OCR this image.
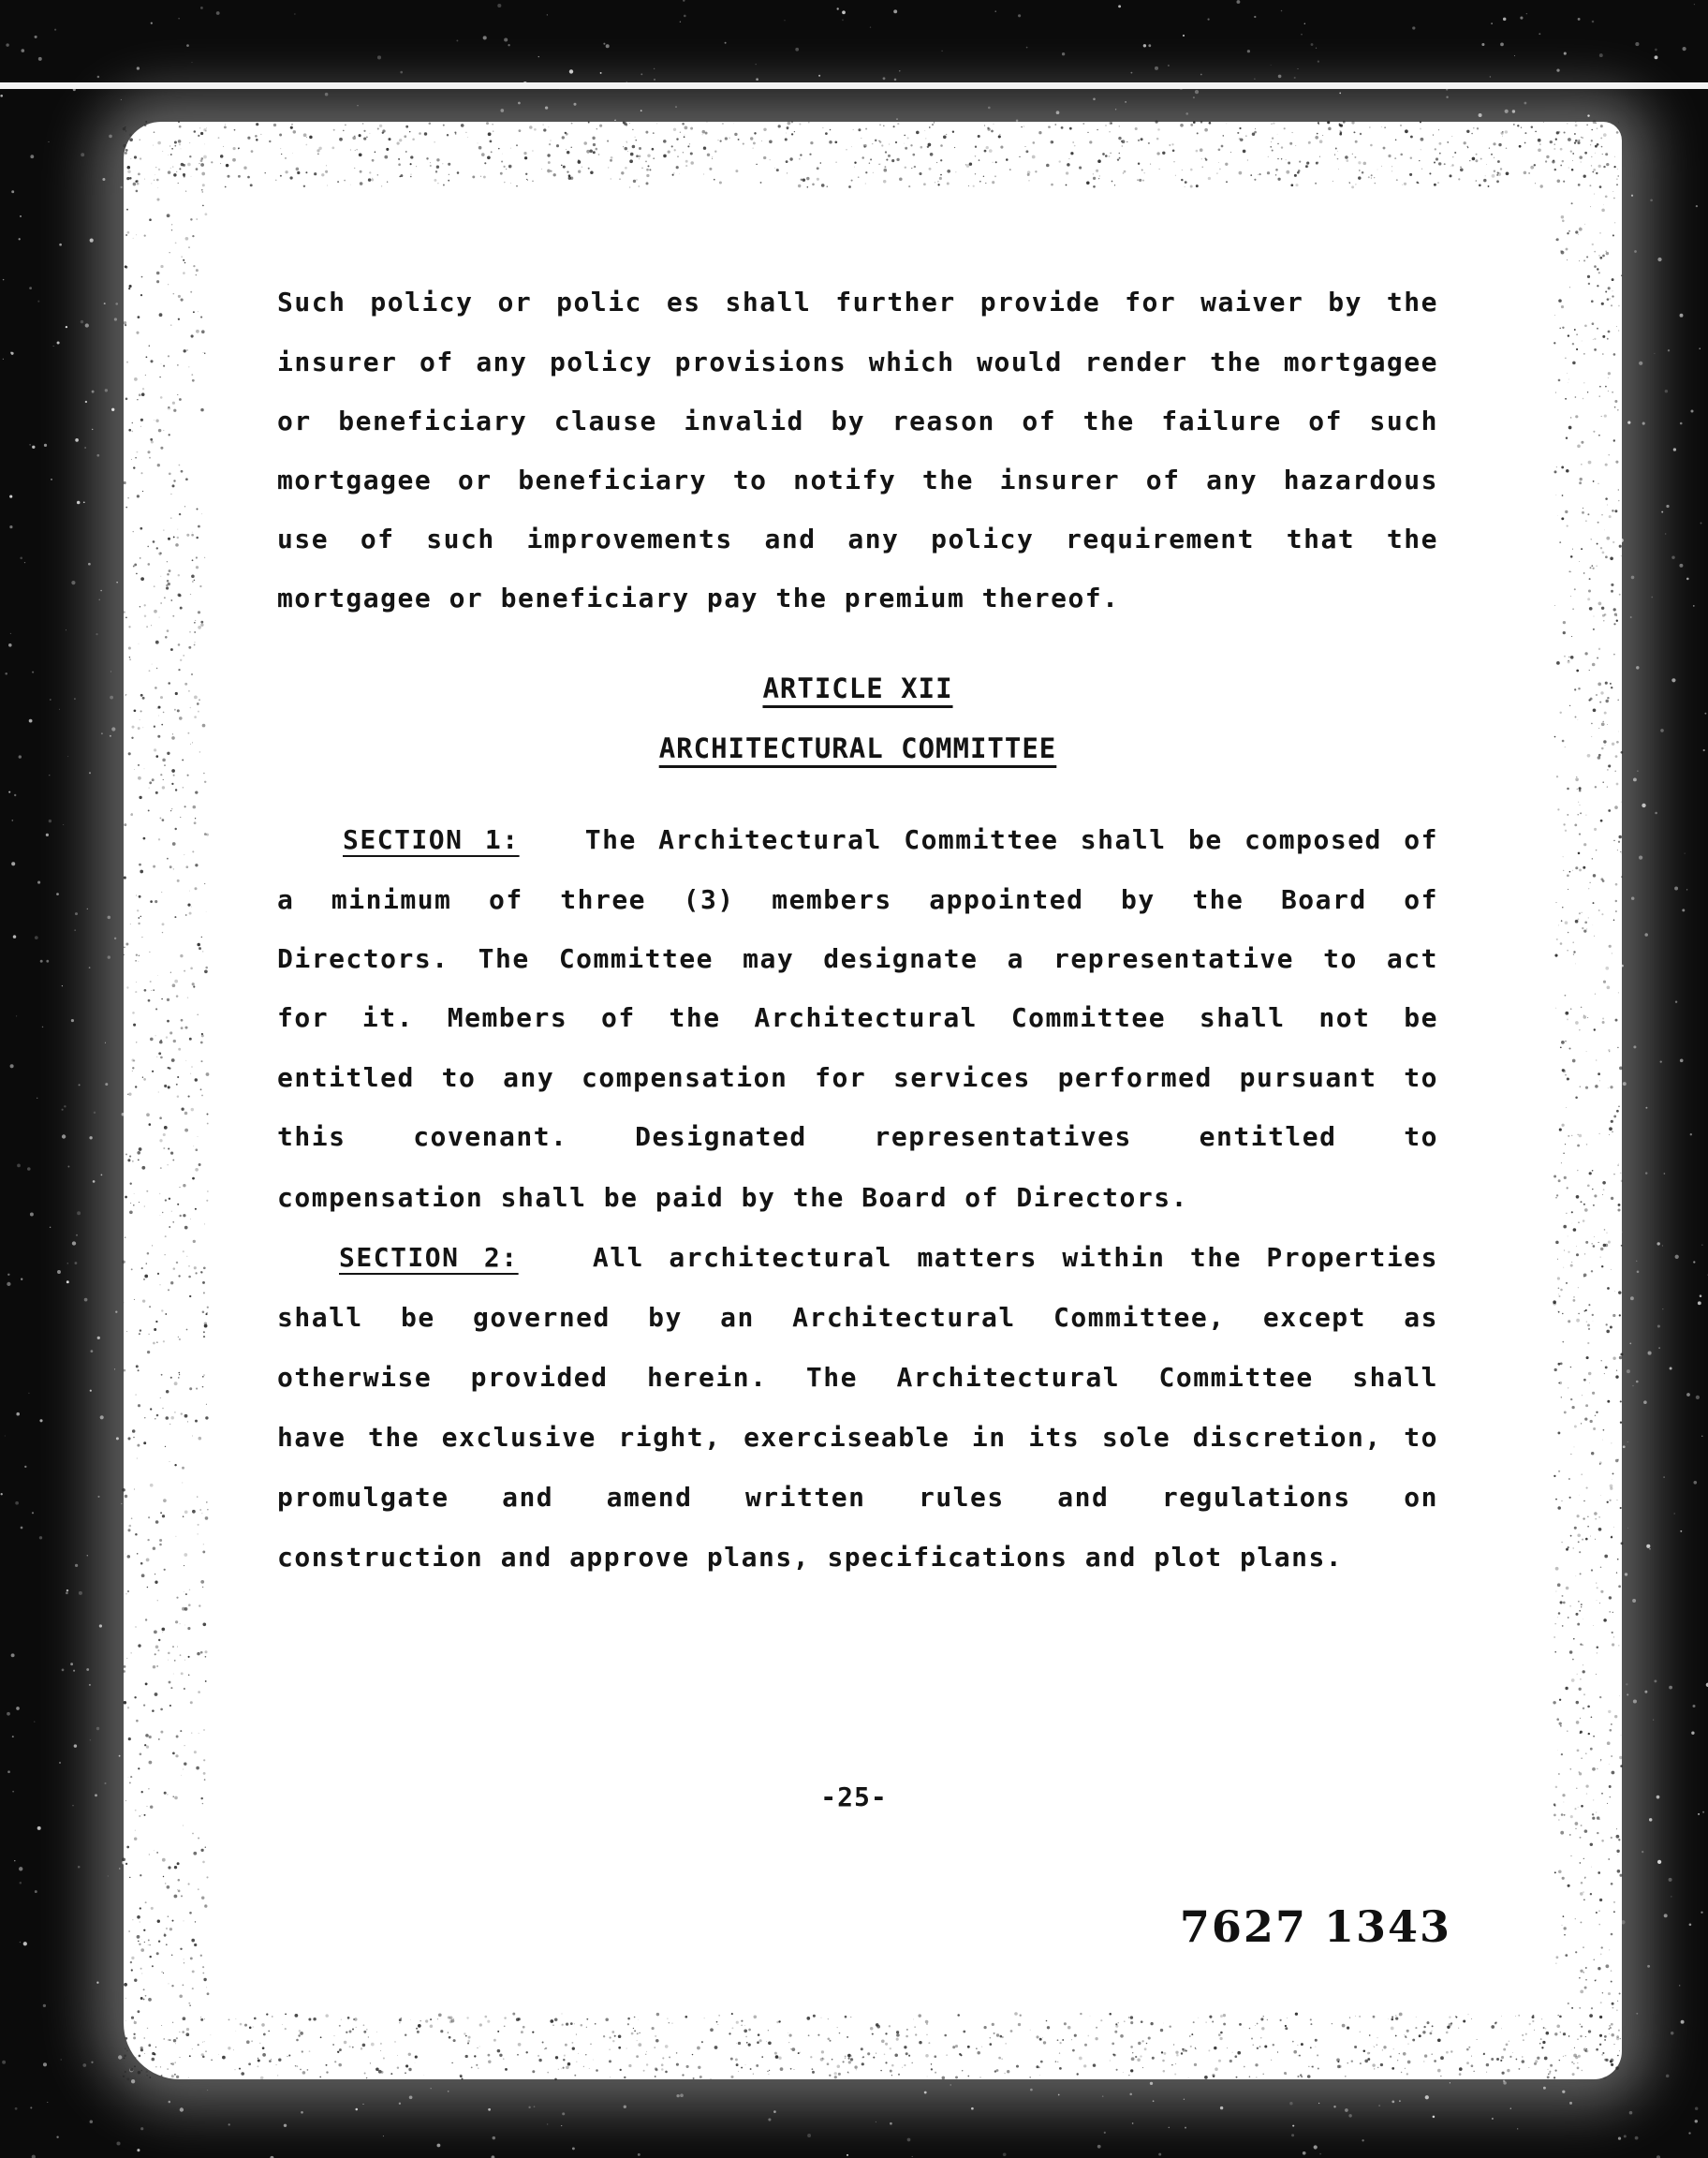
Such policy or polic es shall further provide for waiver by the
insurer of any policy provisions which would render the mortgagee
or beneficiary clause invalid by reason of the failure of such
mortgagee or beneficiary to notify the insurer of any hazardous
use of such improvements and any policy requirement that the
mortgagee or beneficiary pay the premium thereof.
ARTICLE XII
ARCHITECTURAL COMMITTEE
SECTION 1:	The Architectural Committee shall be composed of
a minimum of three (3) members appointed by the Board of
Directors. The Committee may designate a representative to act
for it. Members of the Architectural Committee shall not be
entitled to any compensation for services performed pursuant to
this covenant. Designated representatives entitled to
compensation shall be paid by the Board of Directors.
SECTION 2:	All architectural matters within the Properties
shall be governed by an Architectural Committee, except as
otherwise provided herein. The Architectural Committee shall
have the exclusive right, exerciseable in its sole discretion, to
promulgate and amend written rules and regulations on
construction and approve plans, specifications and plot plans.
-25-
7627 1343
